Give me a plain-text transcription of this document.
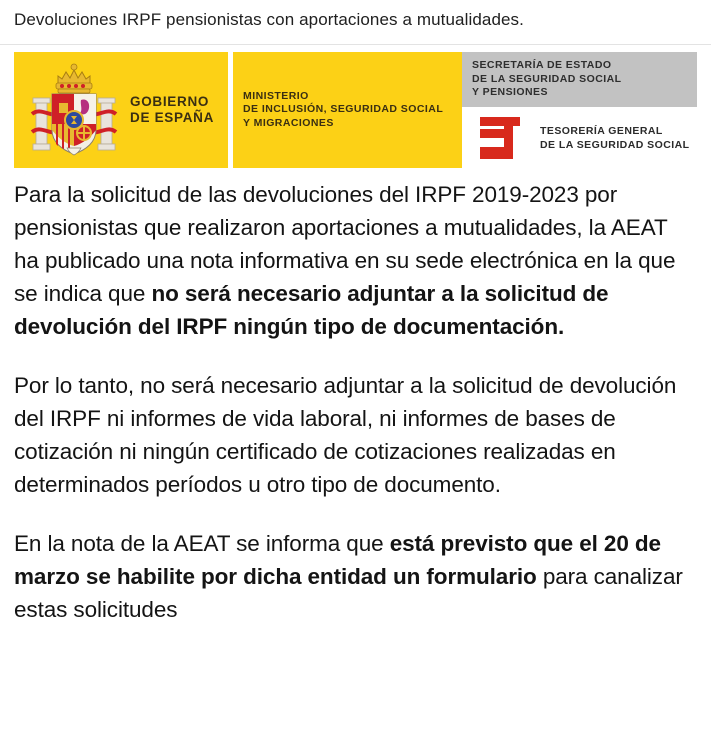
Devoluciones IRPF pensionistas con aportaciones a mutualidades.
GOBIERNO
DE ESPAÑA
MINISTERIO
DE INCLUSIÓN, SEGURIDAD SOCIAL
Y MIGRACIONES
SECRETARÍA DE ESTADO
DE LA SEGURIDAD SOCIAL
Y PENSIONES
TESORERÍA GENERAL
DE LA SEGURIDAD SOCIAL

Para la solicitud de las devoluciones del IRPF 2019-2023 por pensionistas que realizaron aportaciones a mutualidades, la AEAT ha publicado una nota informativa en su sede electrónica en la que se indica que no será necesario adjuntar a la solicitud de devolución del IRPF ningún tipo de documentación.

Por lo tanto, no será necesario adjuntar a la solicitud de devolución del IRPF ni informes de vida laboral, ni informes de bases de cotización ni ningún certificado de cotizaciones realizadas en determinados períodos u otro tipo de documento.

En la nota de la AEAT se informa que está previsto que el 20 de marzo se habilite por dicha entidad un formulario para canalizar estas solicitudes
